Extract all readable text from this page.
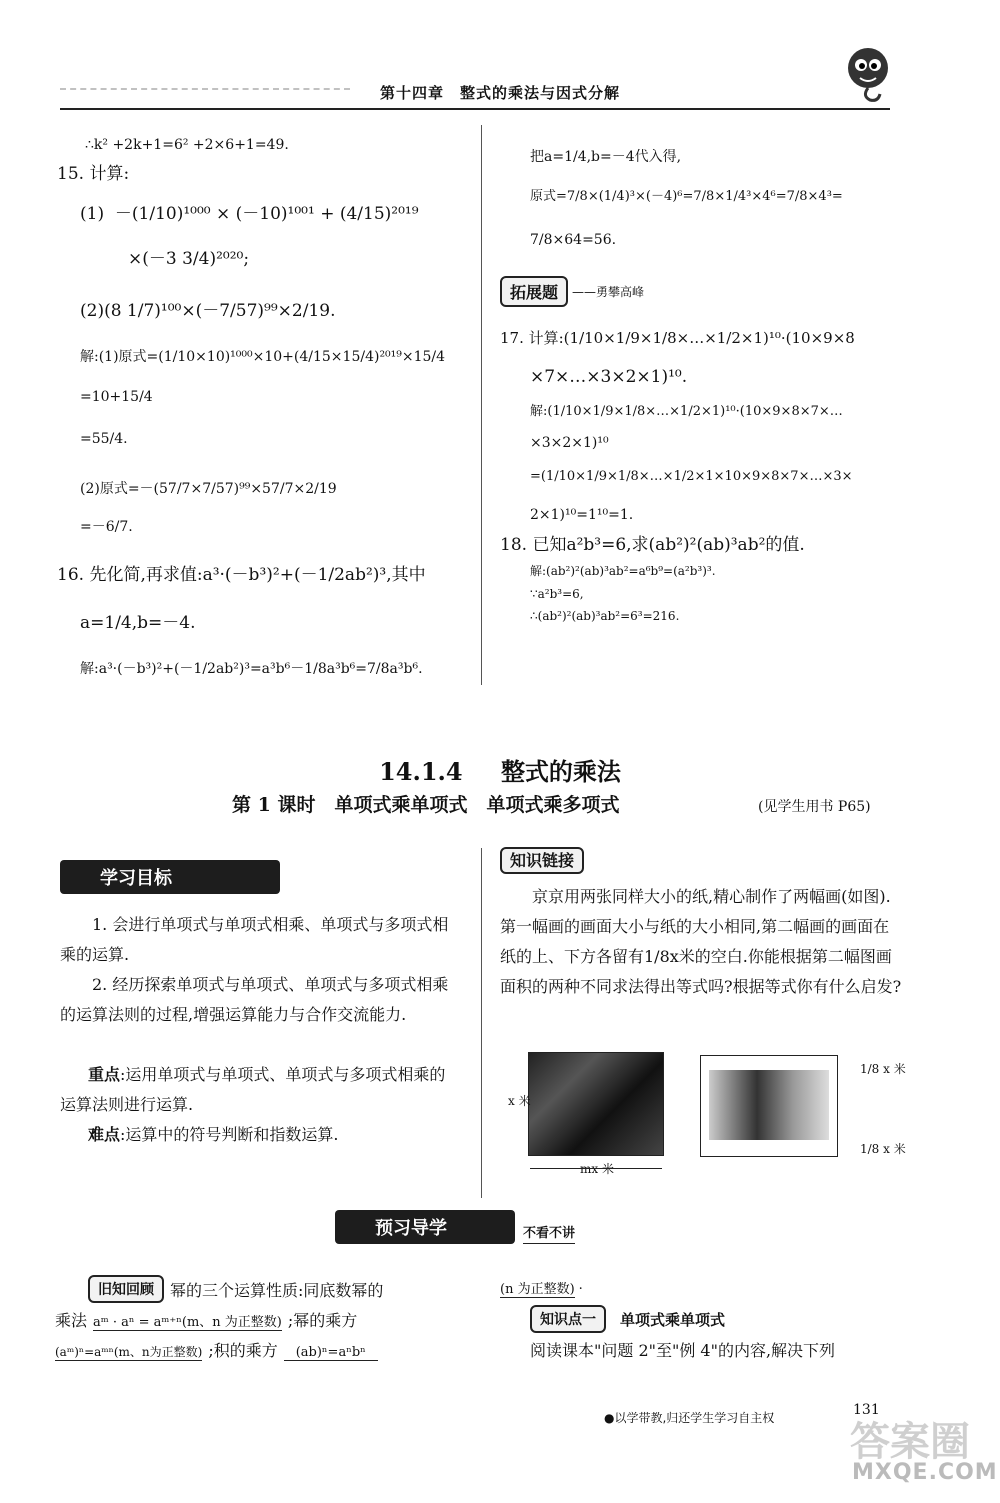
第十四章　整式的乘法与因式分解
∴k² +2k+1=6² +2×6+1=49.
15. 计算:
(1)  －(1/10)¹⁰⁰⁰ × (－10)¹⁰⁰¹ + (4/15)²⁰¹⁹
×(－3 3/4)²⁰²⁰;
(2)(8 1/7)¹⁰⁰×(－7/57)⁹⁹×2/19.
解:(1)原式=(1/10×10)¹⁰⁰⁰×10+(4/15×15/4)²⁰¹⁹×15/4
=10+15/4
=55/4.
(2)原式=－(57/7×7/57)⁹⁹×57/7×2/19
=－6/7.
16. 先化简,再求值:a³·(－b³)²+(－1/2ab²)³,其中
a=1/4,b=－4.
解:a³·(－b³)²+(－1/2ab²)³=a³b⁶－1/8a³b⁶=7/8a³b⁶.
把a=1/4,b=－4代入得,
原式=7/8×(1/4)³×(－4)⁶=7/8×1/4³×4⁶=7/8×4³=
7/8×64=56.
拓展题	——勇攀高峰
17. 计算:(1/10×1/9×1/8×…×1/2×1)¹⁰·(10×9×8
×7×…×3×2×1)¹⁰.
解:(1/10×1/9×1/8×…×1/2×1)¹⁰·(10×9×8×7×…
×3×2×1)¹⁰
=(1/10×1/9×1/8×…×1/2×1×10×9×8×7×…×3×
2×1)¹⁰=1¹⁰=1.
18. 已知a²b³=6,求(ab²)²(ab)³ab²的值.
解:(ab²)²(ab)³ab²=a⁶b⁹=(a²b³)³.
∵a²b³=6,
∴(ab²)²(ab)³ab²=6³=216.
14.1.4 整式的乘法
第 1 课时　单项式乘单项式　单项式乘多项式	(见学生用书 P65)
学习目标
1. 会进行单项式与单项式相乘、单项式与多项式相乘的运算.
2. 经历探索单项式与单项式、单项式与多项式相乘的运算法则的过程,增强运算能力与合作交流能力.
重点:运用单项式与单项式、单项式与多项式相乘的运算法则进行运算.
难点:运算中的符号判断和指数运算.
知识链接
京京用两张同样大小的纸,精心制作了两幅画(如图).第一幅画的画面大小与纸的大小相同,第二幅画的画面在纸的上、下方各留有1/8x米的空白.你能根据第二幅图画面积的两种不同求法得出等式吗?根据等式你有什么启发?
x 米
mx 米
1/8 x 米
1/8 x 米
预习导学	不看不讲
旧知回顾	幂的三个运算性质:同底数幂的
乘法 aᵐ · aⁿ = aᵐ⁺ⁿ(m、n 为正整数) ;幂的乘方
(aᵐ)ⁿ=aᵐⁿ(m、n为正整数) ;积的乘方	(ab)ⁿ=aⁿbⁿ
(n 为正整数) .
知识点一	单项式乘单项式
阅读课本"问题 2"至"例 4"的内容,解决下列
●以学带教,归还学生学习自主权	131
答案圈
MXQE.COM
